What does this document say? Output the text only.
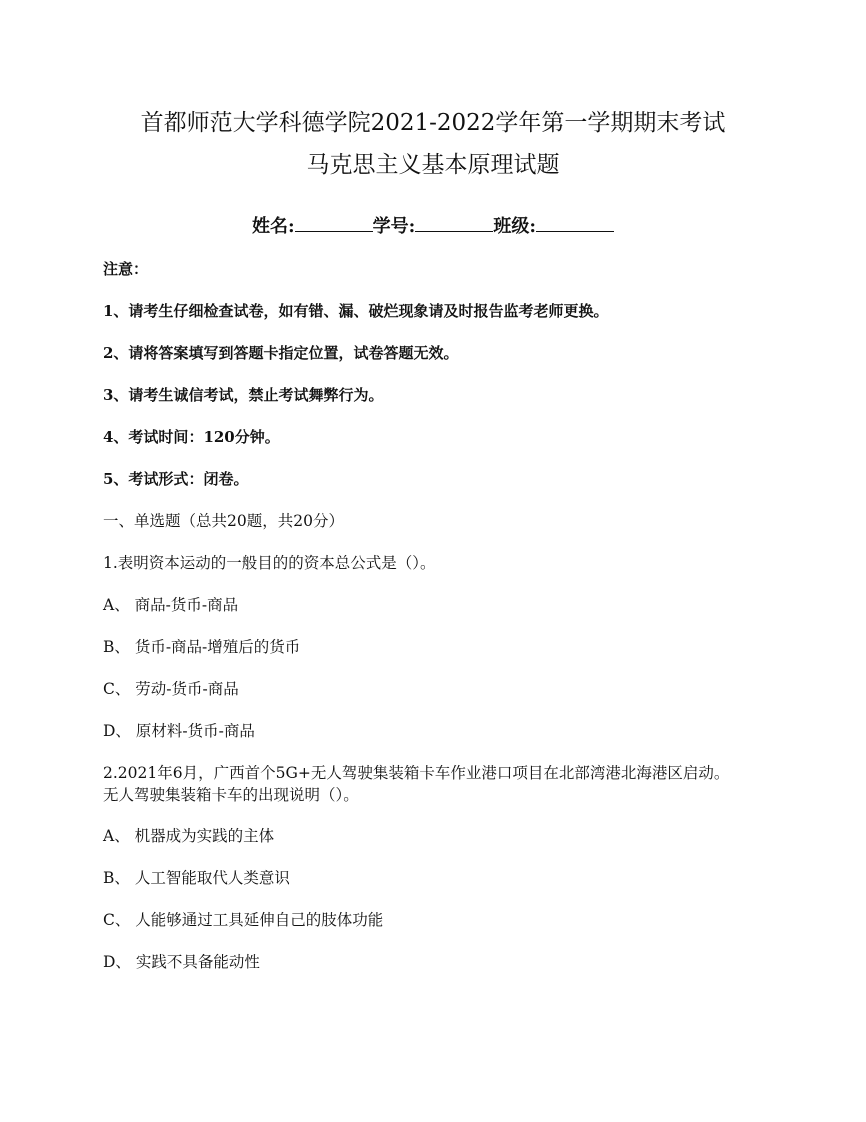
首都师范大学科德学院2021-2022学年第一学期期末考试
马克思主义基本原理试题
姓名:	学号:	班级:
注意：
1、请考生仔细检查试卷，如有错、漏、破烂现象请及时报告监考老师更换。
2、请将答案填写到答题卡指定位置，试卷答题无效。
3、请考生诚信考试，禁止考试舞弊行为。
4、考试时间：120分钟。
5、考试形式：闭卷。
一、单选题（总共20题，共20分）
1.表明资本运动的一般目的的资本总公式是（）。
A、 商品-货币-商品
B、 货币-商品-增殖后的货币
C、 劳动-货币-商品
D、 原材料-货币-商品
2.2021年6月，广西首个5G+无人驾驶集装箱卡车作业港口项目在北部湾港北海港区启动。
无人驾驶集装箱卡车的出现说明（）。
A、 机器成为实践的主体
B、 人工智能取代人类意识
C、 人能够通过工具延伸自己的肢体功能
D、 实践不具备能动性
